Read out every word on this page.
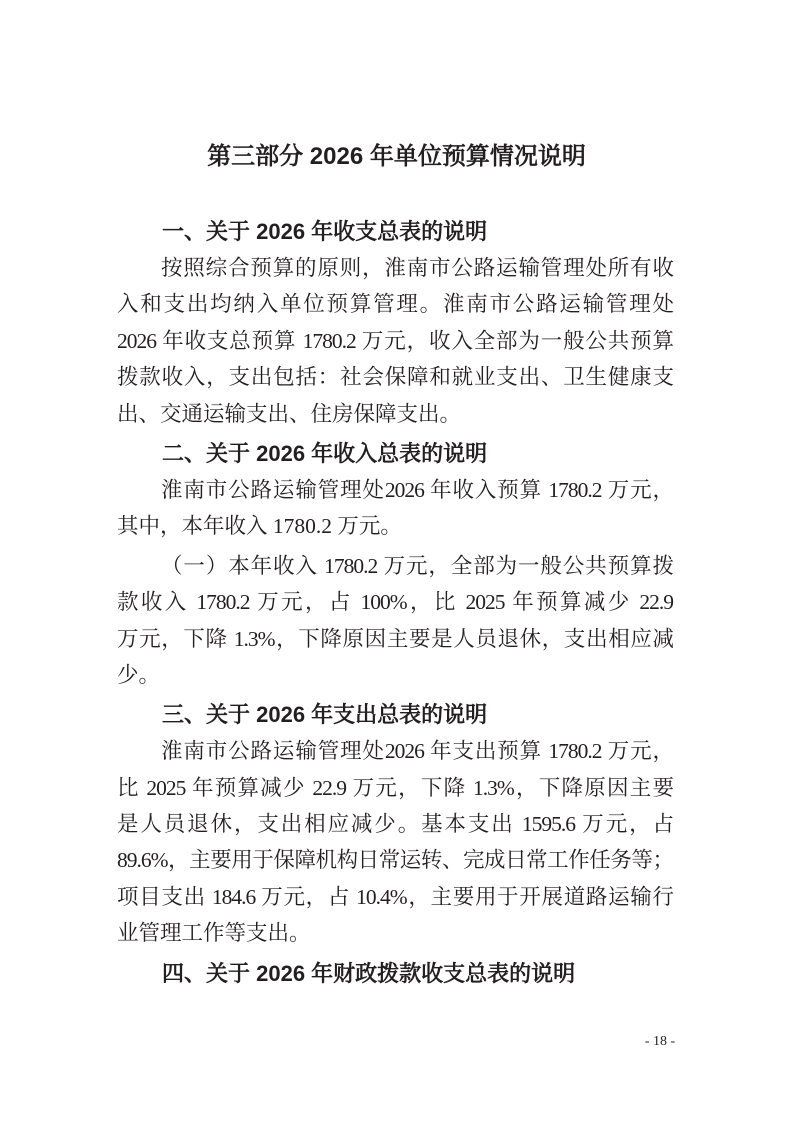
第三部分 2026 年单位预算情况说明
一、关于 2026 年收支总表的说明
按照综合预算的原则，淮南市公路运输管理处所有收
入和支出均纳入单位预算管理。淮南市公路运输管理处
2026 年收支总预算 1780.2 万元，收入全部为一般公共预算
拨款收入，支出包括：社会保障和就业支出、卫生健康支
出、交通运输支出、住房保障支出。
二、关于 2026 年收入总表的说明
淮南市公路运输管理处2026 年收入预算 1780.2 万元，
其中，本年收入 1780.2 万元。
（一）本年收入 1780.2 万元，全部为一般公共预算拨
款收入 1780.2 万元，占 100%，比 2025 年预算减少 22.9
万元，下降 1.3%，下降原因主要是人员退休，支出相应减
少。
三、关于 2026 年支出总表的说明
淮南市公路运输管理处2026 年支出预算 1780.2 万元，
比 2025 年预算减少 22.9 万元，下降 1.3%，下降原因主要
是人员退休，支出相应减少。基本支出 1595.6 万元，占
89.6%，主要用于保障机构日常运转、完成日常工作任务等；
项目支出 184.6 万元，占 10.4%，主要用于开展道路运输行
业管理工作等支出。
四、关于 2026 年财政拨款收支总表的说明
- 18 -
